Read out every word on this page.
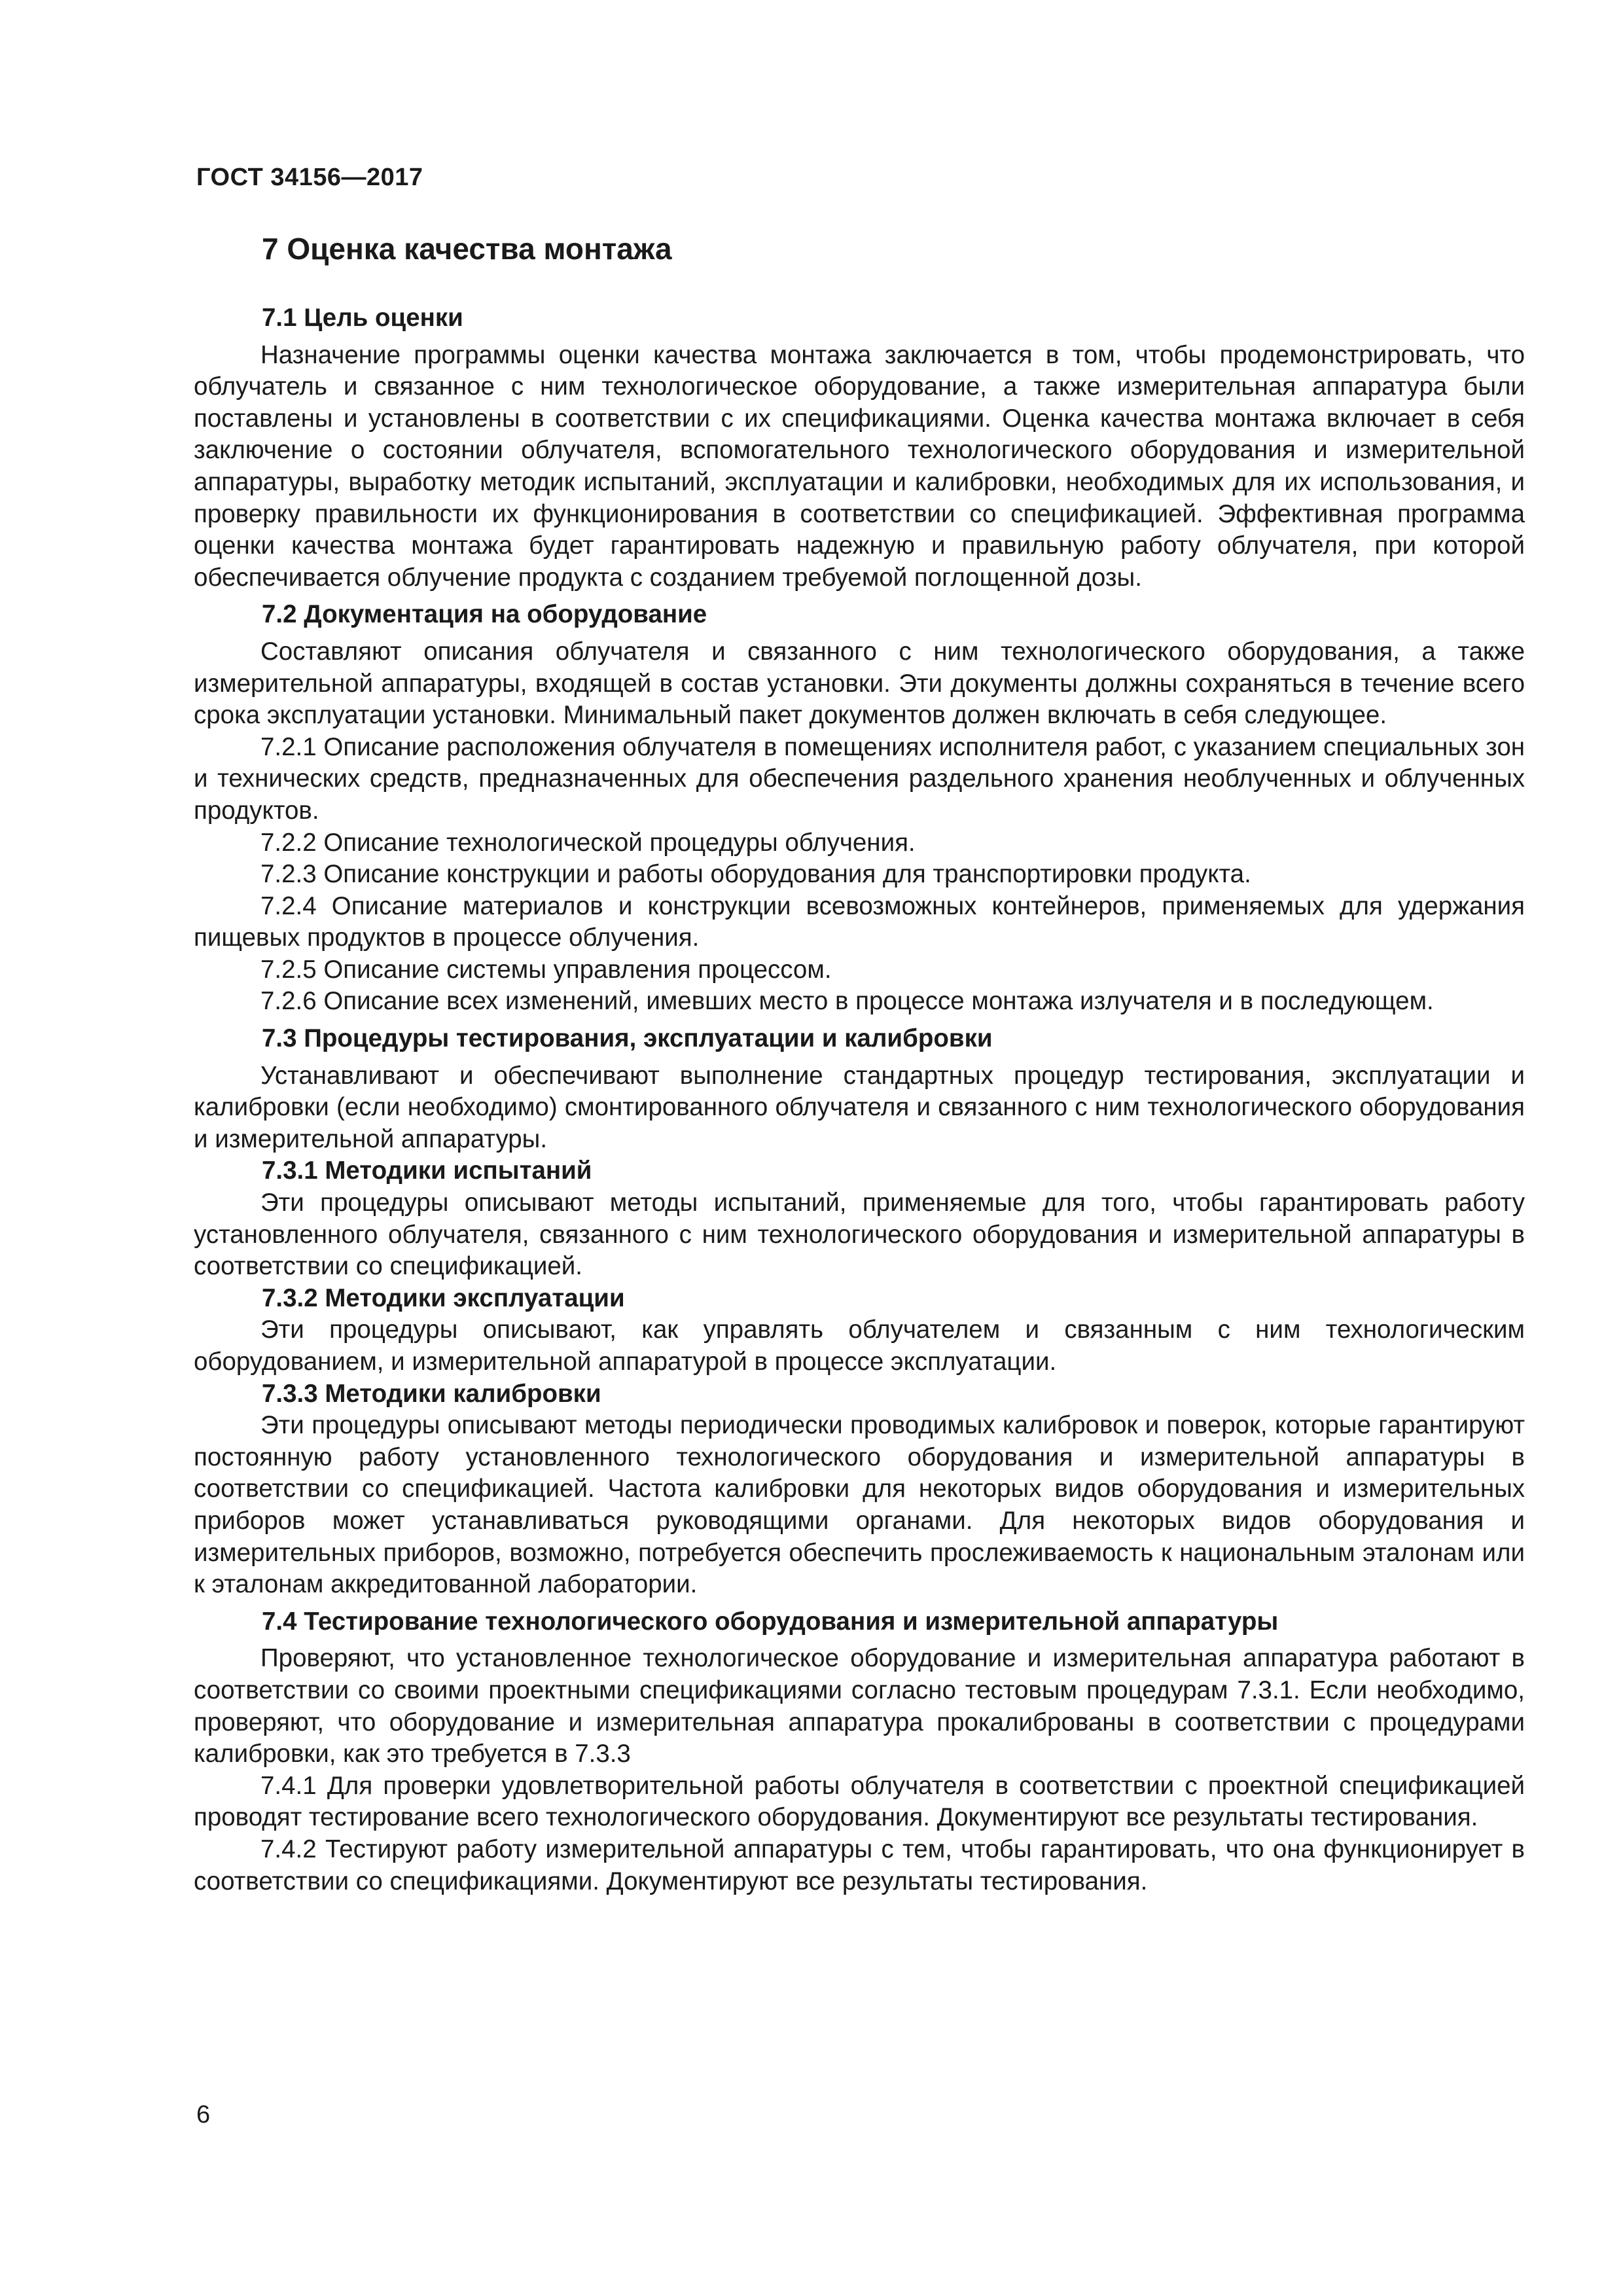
ГОСТ 34156—2017
7 Оценка качества монтажа
7.1 Цель оценки

Назначение программы оценки качества монтажа заключается в том, чтобы продемонстрировать, что облучатель и связанное с ним технологическое оборудование, а также измерительная аппаратура были поставлены и установлены в соответствии с их спецификациями. Оценка качества монтажа включает в себя заключение о состоянии облучателя, вспомогательного технологического оборудования и измерительной аппаратуры, выработку методик испытаний, эксплуатации и калибровки, необходимых для их использования, и проверку правильности их функционирования в соответствии со спецификацией. Эффективная программа оценки качества монтажа будет гарантировать надежную и правильную работу облучателя, при которой обеспечивается облучение продукта с созданием требуемой поглощенной дозы.

7.2 Документация на оборудование

Составляют описания облучателя и связанного с ним технологического оборудования, а также измерительной аппаратуры, входящей в состав установки. Эти документы должны сохраняться в течение всего срока эксплуатации установки. Минимальный пакет документов должен включать в себя следующее.

7.2.1 Описание расположения облучателя в помещениях исполнителя работ, с указанием специальных зон и технических средств, предназначенных для обеспечения раздельного хранения необлученных и облученных продуктов.

7.2.2 Описание технологической процедуры облучения.

7.2.3 Описание конструкции и работы оборудования для транспортировки продукта.

7.2.4 Описание материалов и конструкции всевозможных контейнеров, применяемых для удержания пищевых продуктов в процессе облучения.

7.2.5 Описание системы управления процессом.

7.2.6 Описание всех изменений, имевших место в процессе монтажа излучателя и в последующем.

7.3 Процедуры тестирования, эксплуатации и калибровки

Устанавливают и обеспечивают выполнение стандартных процедур тестирования, эксплуатации и калибровки (если необходимо) смонтированного облучателя и связанного с ним технологического оборудования и измерительной аппаратуры.

7.3.1 Методики испытаний

Эти процедуры описывают методы испытаний, применяемые для того, чтобы гарантировать работу установленного облучателя, связанного с ним технологического оборудования и измерительной аппаратуры в соответствии со спецификацией.

7.3.2 Методики эксплуатации

Эти процедуры описывают, как управлять облучателем и связанным с ним технологическим оборудованием, и измерительной аппаратурой в процессе эксплуатации.

7.3.3 Методики калибровки

Эти процедуры описывают методы периодически проводимых калибровок и поверок, которые гарантируют постоянную работу установленного технологического оборудования и измерительной аппаратуры в соответствии со спецификацией. Частота калибровки для некоторых видов оборудования и измерительных приборов может устанавливаться руководящими органами. Для некоторых видов оборудования и измерительных приборов, возможно, потребуется обеспечить прослеживаемость к национальным эталонам или к эталонам аккредитованной лаборатории.

7.4 Тестирование технологического оборудования и измерительной аппаратуры

Проверяют, что установленное технологическое оборудование и измерительная аппаратура работают в соответствии со своими проектными спецификациями согласно тестовым процедурам 7.3.1. Если необходимо, проверяют, что оборудование и измерительная аппаратура прокалиброваны в соответствии с процедурами калибровки, как это требуется в 7.3.3

7.4.1 Для проверки удовлетворительной работы облучателя в соответствии с проектной спецификацией проводят тестирование всего технологического оборудования. Документируют все результаты тестирования.

7.4.2 Тестируют работу измерительной аппаратуры с тем, чтобы гарантировать, что она функционирует в соответствии со спецификациями. Документируют все результаты тестирования.

6
